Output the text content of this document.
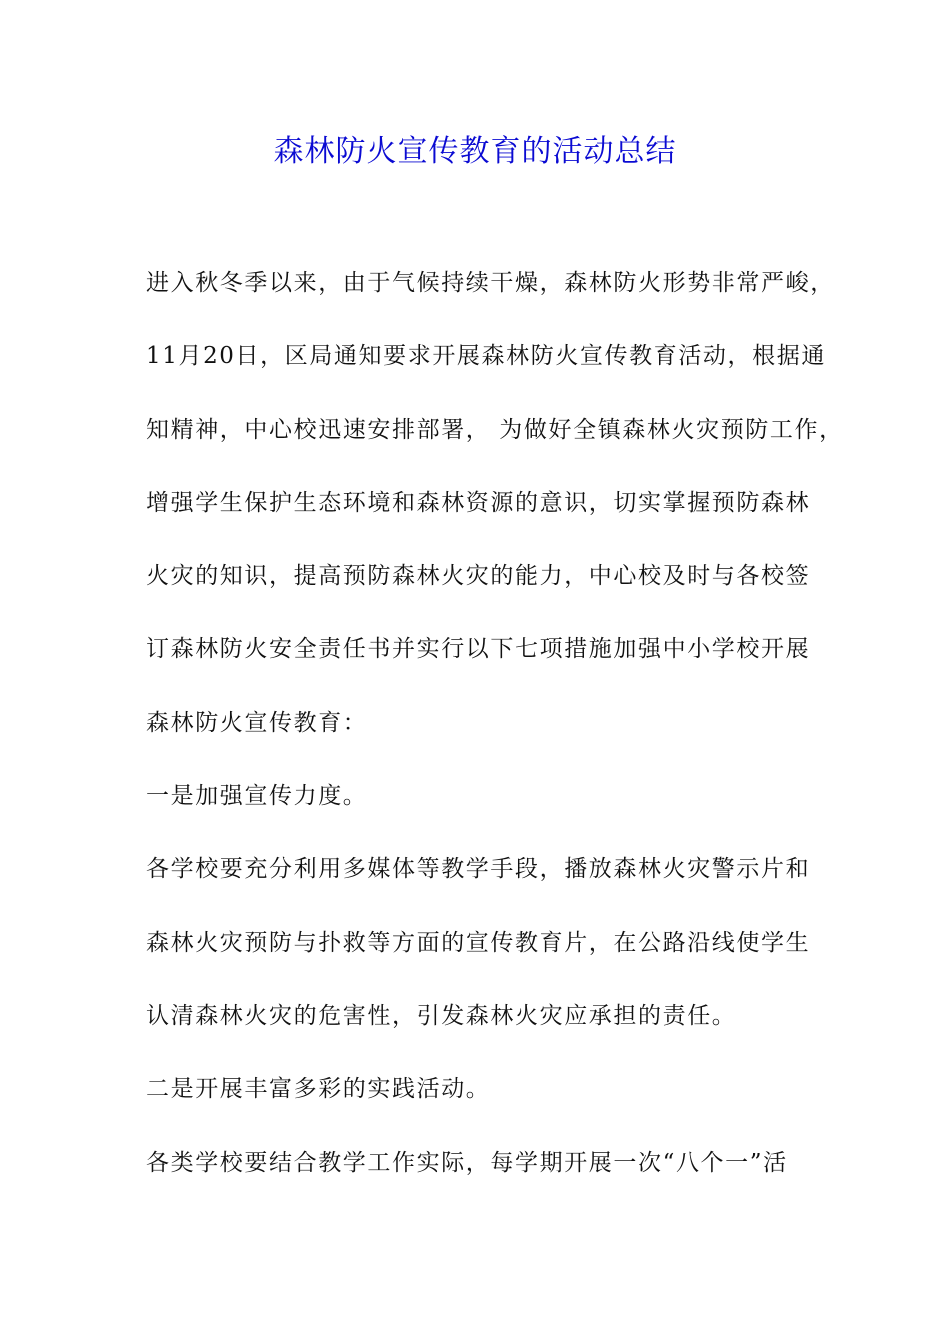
森林防火宣传教育的活动总结
进入秋冬季以来，由于气候持续干燥，森林防火形势非常严峻，
11月20日，区局通知要求开展森林防火宣传教育活动，根据通
知精神，中心校迅速安排部署， 为做好全镇森林火灾预防工作，
增强学生保护生态环境和森林资源的意识，切实掌握预防森林
火灾的知识，提高预防森林火灾的能力，中心校及时与各校签
订森林防火安全责任书并实行以下七项措施加强中小学校开展
森林防火宣传教育：
一是加强宣传力度。
各学校要充分利用多媒体等教学手段，播放森林火灾警示片和
森林火灾预防与扑救等方面的宣传教育片，在公路沿线使学生
认清森林火灾的危害性，引发森林火灾应承担的责任。
二是开展丰富多彩的实践活动。
各类学校要结合教学工作实际，每学期开展一次“八个一”活
